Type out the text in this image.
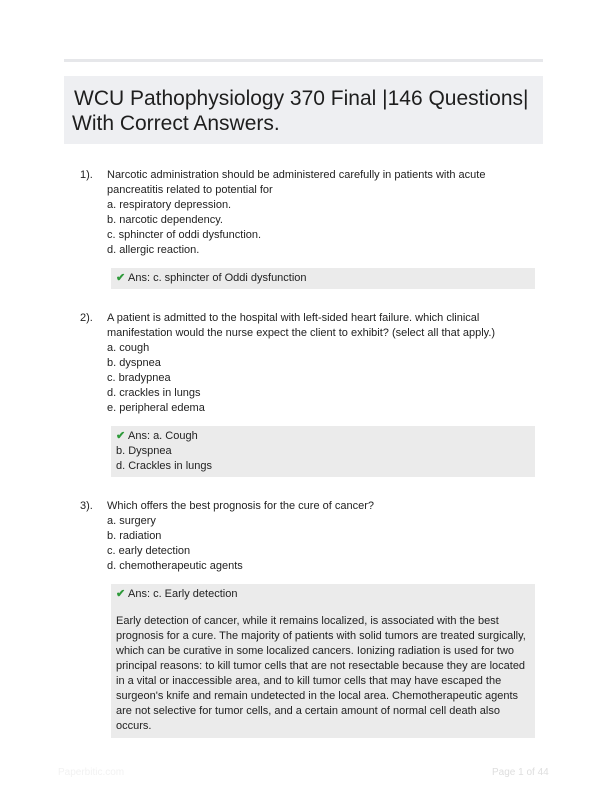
WCU Pathophysiology 370 Final |146 Questions|
With Correct Answers.
1).	Narcotic administration should be administered carefully in patients with acute
pancreatitis related to potential for
a. respiratory depression.
b. narcotic dependency.
c. sphincter of oddi dysfunction.
d. allergic reaction.
✔ Ans: c. sphincter of Oddi dysfunction
2).	A patient is admitted to the hospital with left-sided heart failure. which clinical
manifestation would the nurse expect the client to exhibit? (select all that apply.)
a. cough
b. dyspnea
c. bradypnea
d. crackles in lungs
e. peripheral edema
✔ Ans: a. Cough
b. Dyspnea
d. Crackles in lungs
3).	Which offers the best prognosis for the cure of cancer?
a. surgery
b. radiation
c. early detection
d. chemotherapeutic agents
✔ Ans: c. Early detection
Early detection of cancer, while it remains localized, is associated with the best prognosis for a cure. The majority of patients with solid tumors are treated surgically, which can be curative in some localized cancers. Ionizing radiation is used for two principal reasons: to kill tumor cells that are not resectable because they are located in a vital or inaccessible area, and to kill tumor cells that may have escaped the surgeon's knife and remain undetected in the local area. Chemotherapeutic agents are not selective for tumor cells, and a certain amount of normal cell death also occurs.
Paperbitic.com	Page 1 of 44
